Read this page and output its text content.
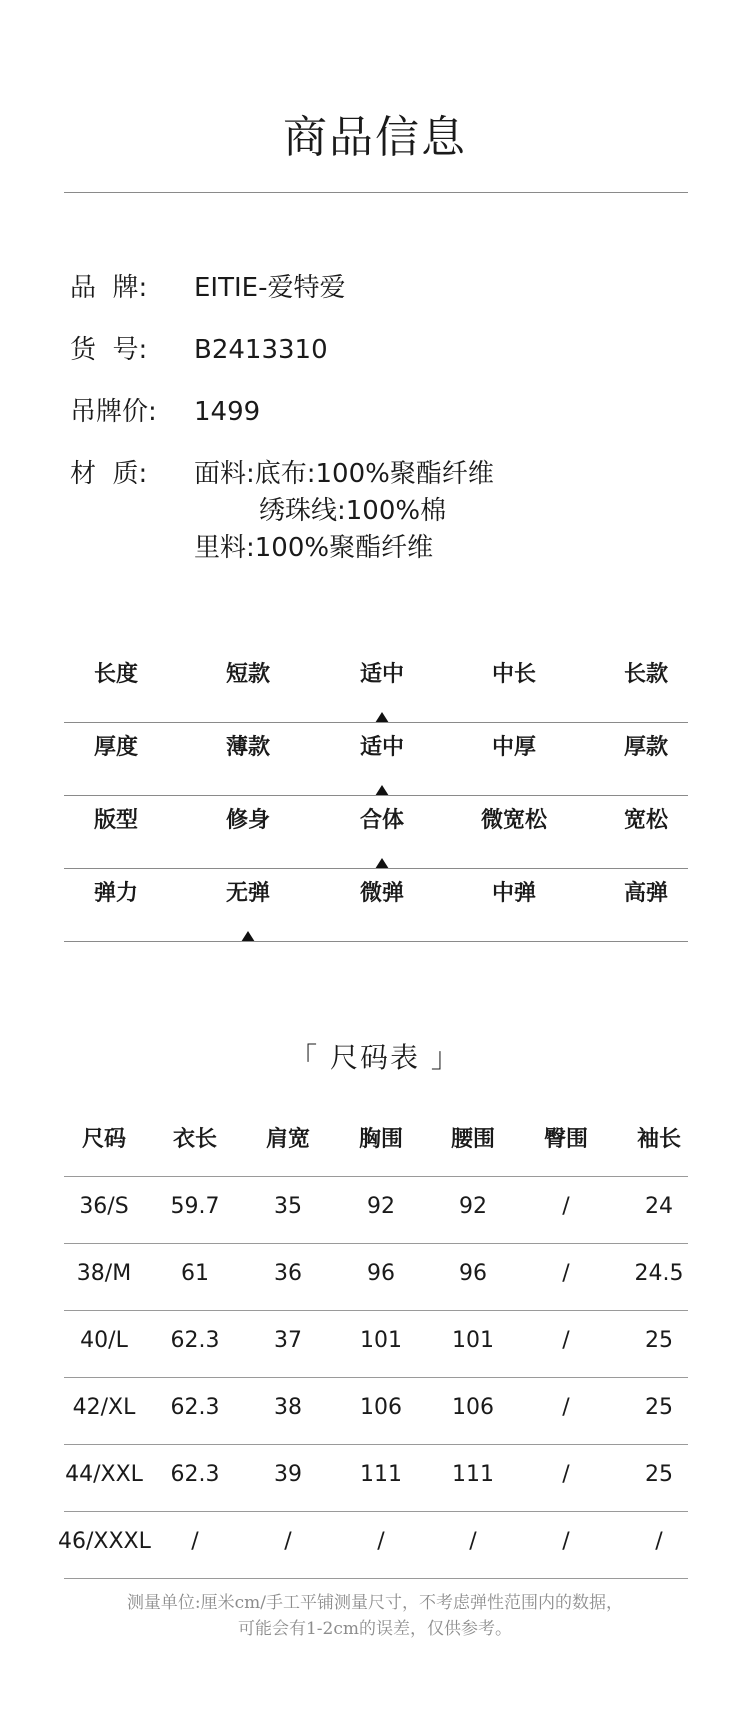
商品信息
品  牌:	EITIE-爱特爱
货  号:	B2413310
吊牌价:	1499
材  质:	面料:底布:100%聚酯纤维
绣珠线:100%棉
里料:100%聚酯纤维
长度	短款	适中	中长	长款
厚度	薄款	适中	中厚	厚款
版型	修身	合体	微宽松	宽松
弹力	无弹	微弹	中弹	高弹
「 尺码表 」
尺码	衣长	肩宽	胸围	腰围	臀围	袖长
36/S	59.7	35	92	92	/	24
38/M	61	36	96	96	/	24.5
40/L	62.3	37	101	101	/	25
42/XL	62.3	38	106	106	/	25
44/XXL	62.3	39	111	111	/	25
46/XXXL	/	/	/	/	/	/
测量单位:厘米cm/手工平铺测量尺寸，不考虑弹性范围内的数据，
可能会有1-2cm的误差，仅供参考。
